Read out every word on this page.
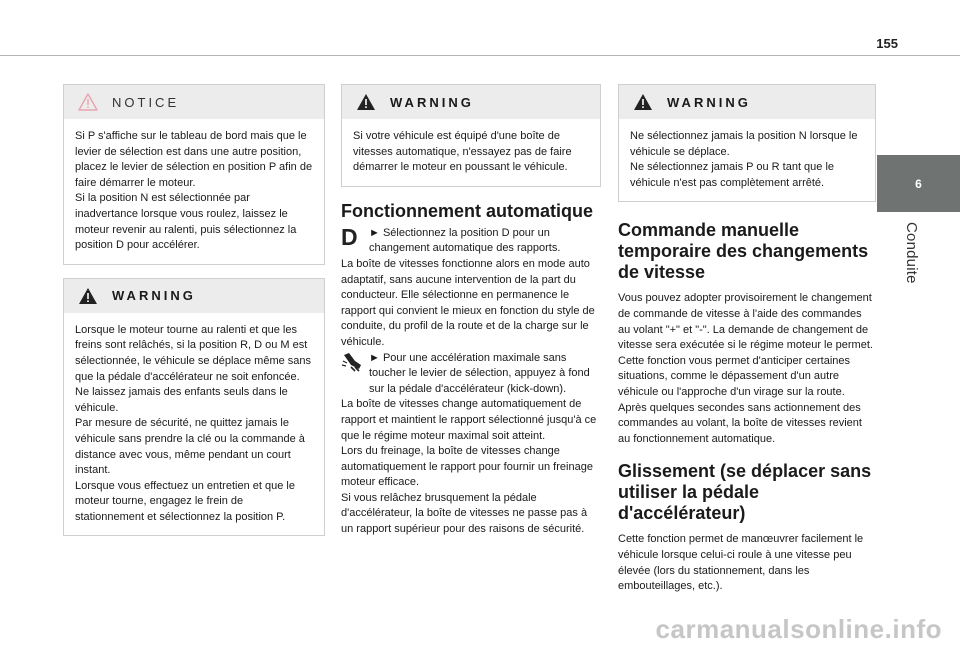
155
6
Conduite
NOTICE

Si P s'affiche sur le tableau de bord mais que le levier de sélection est dans une autre position, placez le levier de sélection en position P afin de faire démarrer le moteur.

Si la position N est sélectionnée par inadvertance lorsque vous roulez, laissez le moteur revenir au ralenti, puis sélectionnez la position D pour accélérer.

WARNING

Lorsque le moteur tourne au ralenti et que les freins sont relâchés, si la position R, D ou M est sélectionnée, le véhicule se déplace même sans que la pédale d'accélérateur ne soit enfoncée.

Ne laissez jamais des enfants seuls dans le véhicule.

Par mesure de sécurité, ne quittez jamais le véhicule sans prendre la clé ou la commande à distance avec vous, même pendant un court instant.

Lorsque vous effectuez un entretien et que le moteur tourne, engagez le frein de stationnement et sélectionnez la position P.

WARNING

Si votre véhicule est équipé d'une boîte de vitesses automatique, n'essayez pas de faire démarrer le moteur en poussant le véhicule.

Fonctionnement automatique
D	► Sélectionnez la position D pour un changement automatique des rapports.

La boîte de vitesses fonctionne alors en mode auto adaptatif, sans aucune intervention de la part du conducteur. Elle sélectionne en permanence le rapport qui convient le mieux en fonction du style de conduite, du profil de la route et de la charge sur le véhicule.

► Pour une accélération maximale sans toucher le levier de sélection, appuyez à fond sur la pédale d'accélérateur (kick-down).

La boîte de vitesses change automatiquement de rapport et maintient le rapport sélectionné jusqu'à ce que le régime moteur maximal soit atteint.

Lors du freinage, la boîte de vitesses change automatiquement le rapport pour fournir un freinage moteur efficace.

Si vous relâchez brusquement la pédale d'accélérateur, la boîte de vitesses ne passe pas à un rapport supérieur pour des raisons de sécurité.

WARNING

Ne sélectionnez jamais la position N lorsque le véhicule se déplace.

Ne sélectionnez jamais P ou R tant que le véhicule n'est pas complètement arrêté.

Commande manuelle temporaire des changements de vitesse

Vous pouvez adopter provisoirement le changement de commande de vitesse à l'aide des commandes au volant "+" et "-". La demande de changement de vitesse sera exécutée si le régime moteur le permet.

Cette fonction vous permet d'anticiper certaines situations, comme le dépassement d'un autre véhicule ou l'approche d'un virage sur la route.

Après quelques secondes sans actionnement des commandes au volant, la boîte de vitesses revient au fonctionnement automatique.

Glissement (se déplacer sans utiliser la pédale d'accélérateur)

Cette fonction permet de manœuvrer facilement le véhicule lorsque celui-ci roule à une vitesse peu élevée (lors du stationnement, dans les embouteillages, etc.).

carmanualsonline.info
